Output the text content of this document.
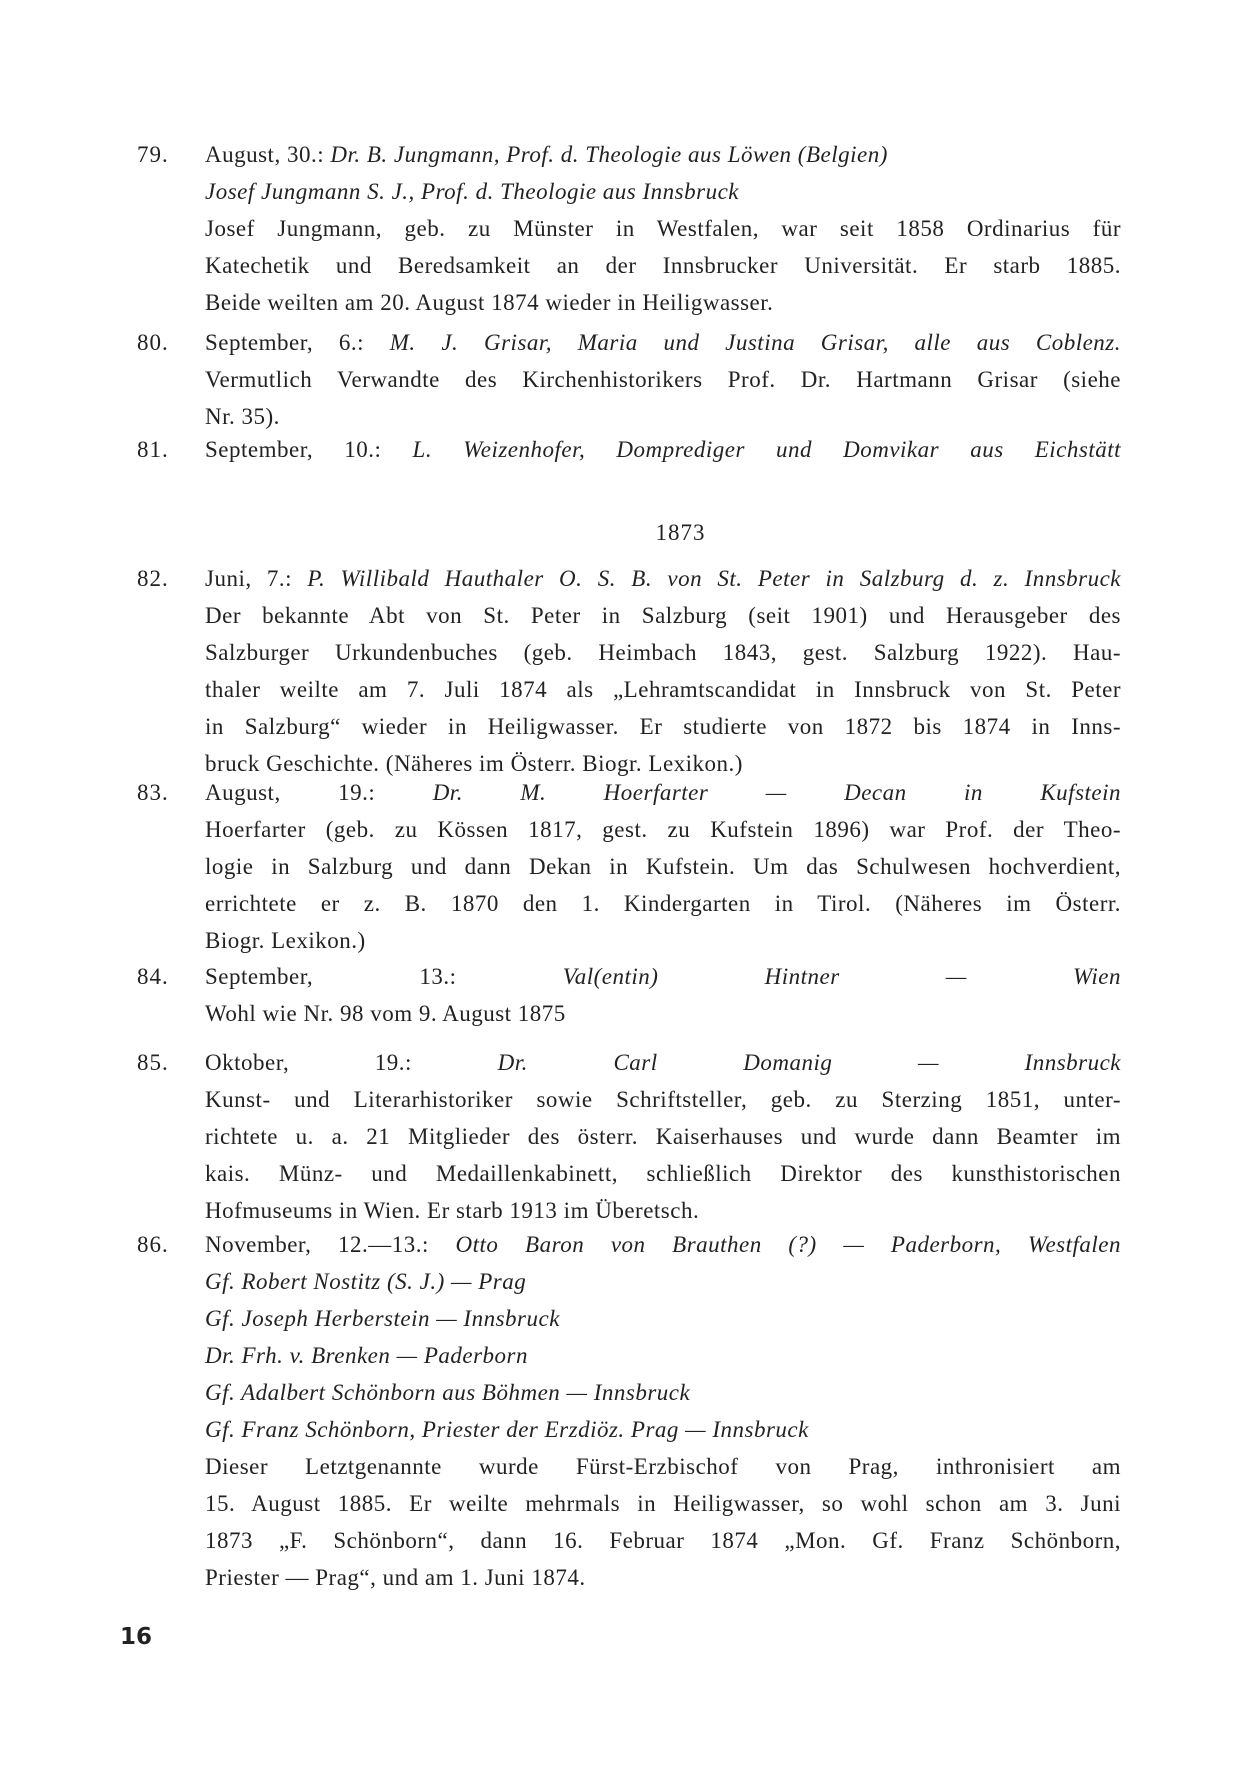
79.	August, 30.: Dr. B. Jungmann, Prof. d. Theologie aus Löwen (Belgien)
Josef Jungmann S. J., Prof. d. Theologie aus Innsbruck
Josef Jungmann, geb. zu Münster in Westfalen, war seit 1858 Ordinarius für
Katechetik und Beredsamkeit an der Innsbrucker Universität. Er starb 1885.
Beide weilten am 20. August 1874 wieder in Heiligwasser.
80.	September, 6.: M. J. Grisar, Maria und Justina Grisar, alle aus Coblenz.
Vermutlich Verwandte des Kirchenhistorikers Prof. Dr. Hartmann Grisar (siehe
Nr. 35).
81.	September, 10.: L. Weizenhofer, Domprediger und Domvikar aus Eichstätt
1873
82.	Juni, 7.: P. Willibald Hauthaler O. S. B. von St. Peter in Salzburg d. z. Innsbruck
Der bekannte Abt von St. Peter in Salzburg (seit 1901) und Herausgeber des
Salzburger Urkundenbuches (geb. Heimbach 1843, gest. Salzburg 1922). Hau-
thaler weilte am 7. Juli 1874 als „Lehramtscandidat in Innsbruck von St. Peter
in Salzburg“ wieder in Heiligwasser. Er studierte von 1872 bis 1874 in Inns-
bruck Geschichte. (Näheres im Österr. Biogr. Lexikon.)
83.	August, 19.: Dr. M. Hoerfarter — Decan in Kufstein
Hoerfarter (geb. zu Kössen 1817, gest. zu Kufstein 1896) war Prof. der Theo-
logie in Salzburg und dann Dekan in Kufstein. Um das Schulwesen hochverdient,
errichtete er z. B. 1870 den 1. Kindergarten in Tirol. (Näheres im Österr.
Biogr. Lexikon.)
84.	September, 13.:	Val(entin) Hintner — Wien
Wohl wie Nr. 98 vom 9. August 1875
85.	Oktober, 19.:	Dr. Carl Domanig — Innsbruck
Kunst- und Literarhistoriker sowie Schriftsteller, geb. zu Sterzing 1851, unter-
richtete u. a. 21 Mitglieder des österr. Kaiserhauses und wurde dann Beamter im
kais. Münz- und Medaillenkabinett, schließlich Direktor des kunsthistorischen
Hofmuseums in Wien. Er starb 1913 im Überetsch.
86.	November, 12.—13.: Otto Baron von Brauthen (?) — Paderborn, Westfalen
Gf. Robert Nostitz (S. J.) — Prag
Gf. Joseph Herberstein — Innsbruck
Dr. Frh. v. Brenken — Paderborn
Gf. Adalbert Schönborn aus Böhmen — Innsbruck
Gf. Franz Schönborn, Priester der Erzdiöz. Prag — Innsbruck
Dieser Letztgenannte wurde Fürst-Erzbischof von Prag, inthronisiert am
15. August 1885. Er weilte mehrmals in Heiligwasser, so wohl schon am 3. Juni
1873 „F. Schönborn“, dann 16. Februar 1874 „Mon. Gf. Franz Schönborn,
Priester — Prag“, und am 1. Juni 1874.
16
